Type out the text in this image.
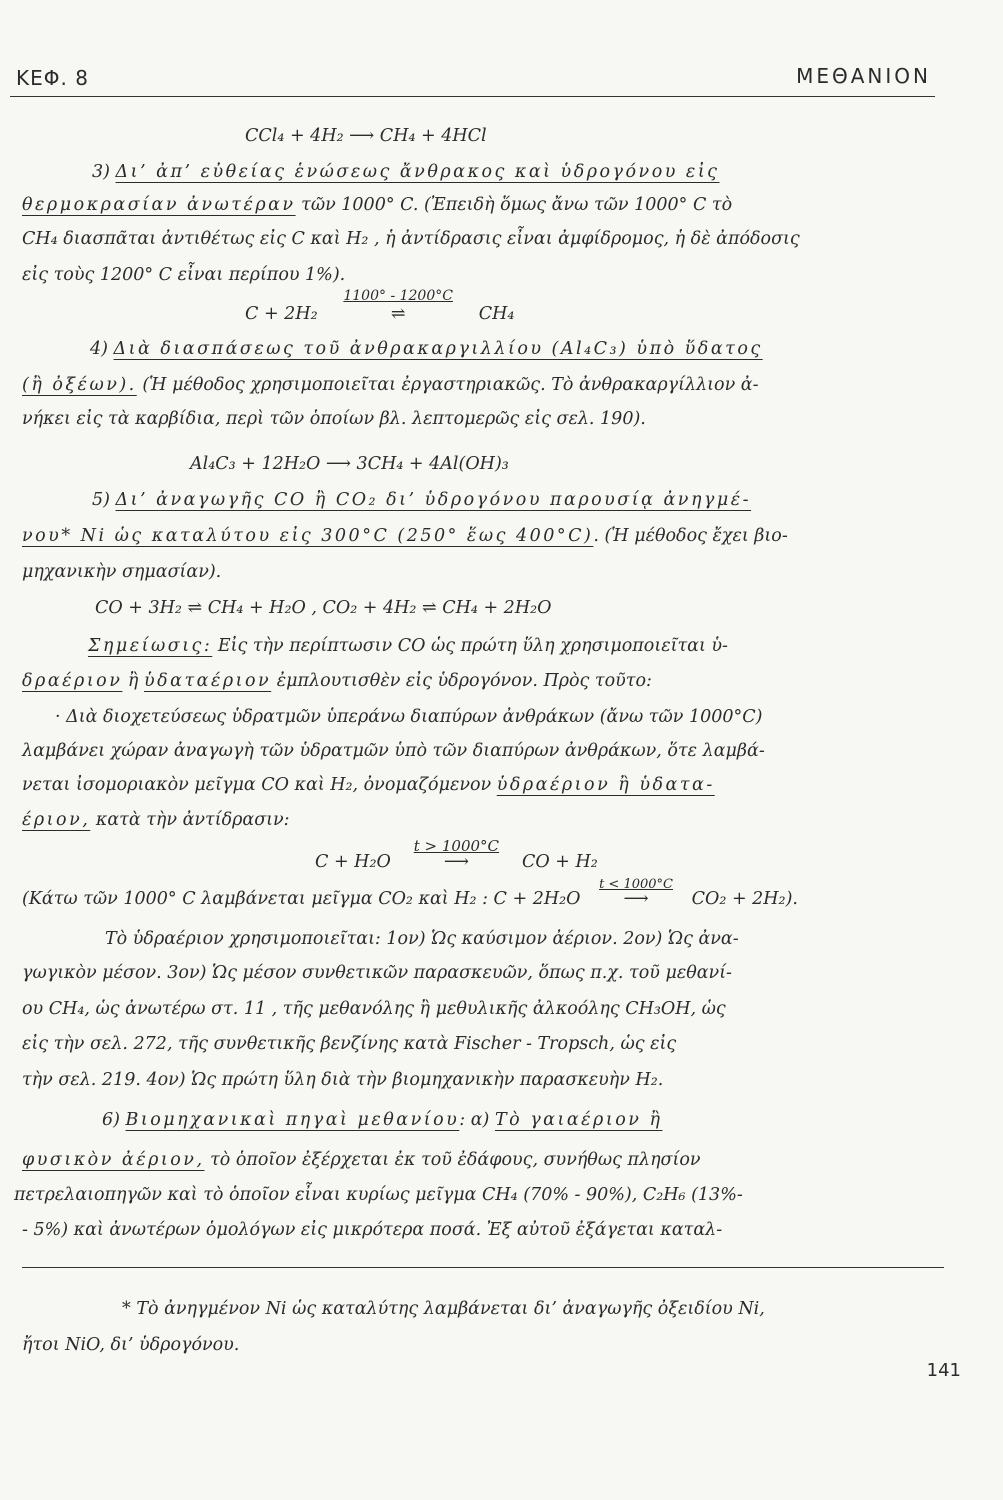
ΚΕΦ. 8	ΜΕΘΑΝΙΟΝ
CCl₄ + 4H₂ ⟶ CH₄ + 4HCl
3) Δι’ ἀπ’ εὐθείας ἑνώσεως ἄνθρακος καὶ ὑδρογόνου εἰς
θερμοκρασίαν ἀνωτέραν τῶν 1000° C. (Ἐπειδὴ ὅμως ἄνω τῶν 1000° C τὸ
CH₄ διασπᾶται ἀντιθέτως εἰς C καὶ H₂ , ἡ ἀντίδρασις εἶναι ἀμφίδρομος, ἡ δὲ ἀπόδοσις
εἰς τοὺς 1200° C εἶναι περίπου 1%).
C + 2H₂
1100° - 1200°C
⇌	CH₄
4) Διὰ διασπάσεως τοῦ ἀνθρακαργιλλίου (Al₄C₃) ὑπὸ ὕδατος
(ἢ ὀξέων). (Ἡ μέθοδος χρησιμοποιεῖται ἐργαστηριακῶς. Τὸ ἀνθρακαργίλλιον ἀ-
νήκει εἰς τὰ καρβίδια, περὶ τῶν ὁποίων βλ. λεπτομερῶς εἰς σελ. 190).
Al₄C₃ + 12H₂O ⟶ 3CH₄ + 4Al(OH)₃
5) Δι’ ἀναγωγῆς CO ἢ CO₂ δι’ ὑδρογόνου παρουσίᾳ ἀνηγμέ-
νου* Ni ὡς καταλύτου εἰς 300°C (250° ἕως 400°C). (Ἡ μέθοδος ἔχει βιο-
μηχανικὴν σημασίαν).
CO + 3H₂ ⇌ CH₄ + H₂O , CO₂ + 4H₂ ⇌ CH₄ + 2H₂O
Σημείωσις: Εἰς τὴν περίπτωσιν CO ὡς πρώτη ὕλη χρησιμοποιεῖται ὑ-
δραέριον ἢ ὑδαταέριον ἐμπλουτισθὲν εἰς ὑδρογόνον. Πρὸς τοῦτο:
· Διὰ διοχετεύσεως ὑδρατμῶν ὑπεράνω διαπύρων ἀνθράκων (ἄνω τῶν 1000°C)
λαμβάνει χώραν ἀναγωγὴ τῶν ὑδρατμῶν ὑπὸ τῶν διαπύρων ἀνθράκων, ὅτε λαμβά-
νεται ἰσομοριακὸν μεῖγμα CO καὶ H₂, ὀνομαζόμενον ὑδραέριον ἢ ὑδατα-
έριον, κατὰ τὴν ἀντίδρασιν:
C + H₂O
t > 1000°C
⟶	CO + H₂
(Κάτω τῶν 1000° C λαμβάνεται μεῖγμα CO₂ καὶ H₂ : C + 2H₂O
t < 1000°C
⟶ CO₂ + 2H₂).
Τὸ ὑδραέριον χρησιμοποιεῖται: 1ον) Ὡς καύσιμον ἀέριον. 2ον) Ὡς ἀνα-
γωγικὸν μέσον. 3ον) Ὡς μέσον συνθετικῶν παρασκευῶν, ὅπως π.χ. τοῦ μεθανί-
ου CH₄, ὡς ἀνωτέρω στ. 11 , τῆς μεθανόλης ἢ μεθυλικῆς ἀλκοόλης CH₃OH, ὡς
εἰς τὴν σελ. 272, τῆς συνθετικῆς βενζίνης κατὰ Fischer - Tropsch, ὡς εἰς
τὴν σελ. 219. 4ον) Ὡς πρώτη ὕλη διὰ τὴν βιομηχανικὴν παρασκευὴν H₂.
6) Βιομηχανικαὶ πηγαὶ μεθανίου: α) Τὸ γαιαέριον ἢ
φυσικὸν ἀέριον, τὸ ὁποῖον ἐξέρχεται ἐκ τοῦ ἐδάφους, συνήθως πλησίον
πετρελαιοπηγῶν καὶ τὸ ὁποῖον εἶναι κυρίως μεῖγμα CH₄ (70% - 90%), C₂H₆ (13%-
- 5%) καὶ ἀνωτέρων ὁμολόγων εἰς μικρότερα ποσά. Ἐξ αὐτοῦ ἐξάγεται καταλ-
* Τὸ ἀνηγμένον Ni ὡς καταλύτης λαμβάνεται δι’ ἀναγωγῆς ὀξειδίου Ni,
ἤτοι NiO, δι’ ὑδρογόνου.
141
